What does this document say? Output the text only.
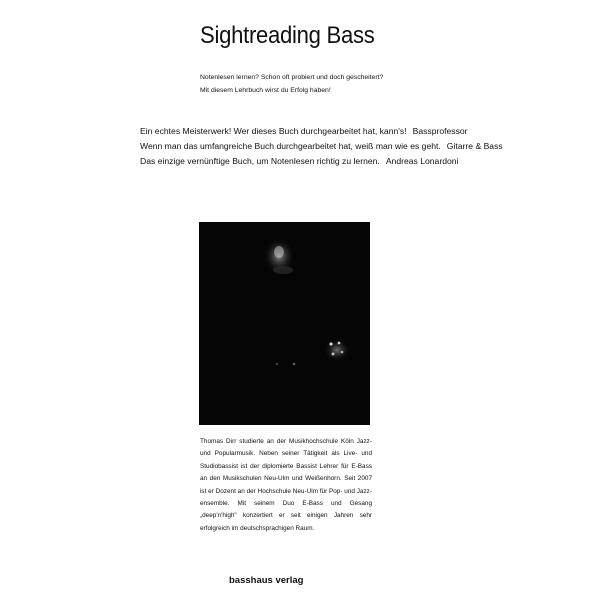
Sightreading Bass
Notenlesen lernen? Schon oft probiert und doch gescheitert?
Mit diesem Lehrbuch wirst du Erfolg haben!
Ein echtes Meisterwerk! Wer dieses Buch durchgearbeitet hat, kann's! Bassprofessor
Wenn man das umfangreiche Buch durchgearbeitet hat, weiß man wie es geht. Gitarre & Bass
Das einzige vernünftige Buch, um Notenlesen richtig zu lernen. Andreas Lonardoni

Thomas Dirr studierte an der Musikhochschule Köln Jazz- und Popularmusik. Neben seiner Tätigkeit als Live- und Studiobassist ist der diplomierte Bassist Lehrer für E-Bass an den Musikschulen Neu-Ulm und Weißenhorn. Seit 2007 ist er Dozent an der Hochschule Neu-Ulm für Pop- und Jazz-ensemble. Mit seinem Duo E-Bass und Gesang „deep'n'high" konzertiert er seit einigen Jahren sehr erfolgreich im deutschsprachigen Raum.

basshaus verlag
